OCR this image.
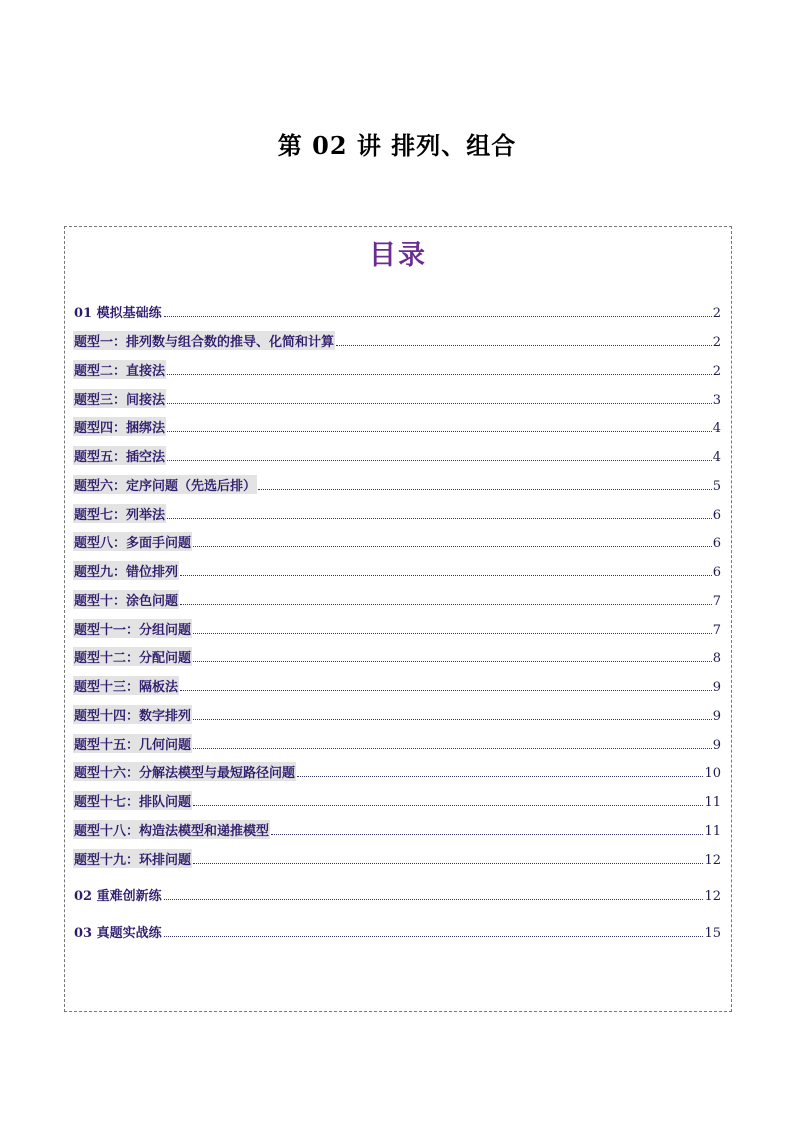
第 02 讲 排列、组合
目录
01 模拟基础练	2
题型一：排列数与组合数的推导、化简和计算	2
题型二：直接法	2
题型三：间接法	3
题型四：捆绑法	4
题型五：插空法	4
题型六：定序问题（先选后排）	5
题型七：列举法	6
题型八：多面手问题	6
题型九：错位排列	6
题型十：涂色问题	7
题型十一：分组问题	7
题型十二：分配问题	8
题型十三：隔板法	9
题型十四：数字排列	9
题型十五：几何问题	9
题型十六：分解法模型与最短路径问题	10
题型十七：排队问题	11
题型十八：构造法模型和递推模型	11
题型十九：环排问题	12
02 重难创新练	12
03 真题实战练	15
